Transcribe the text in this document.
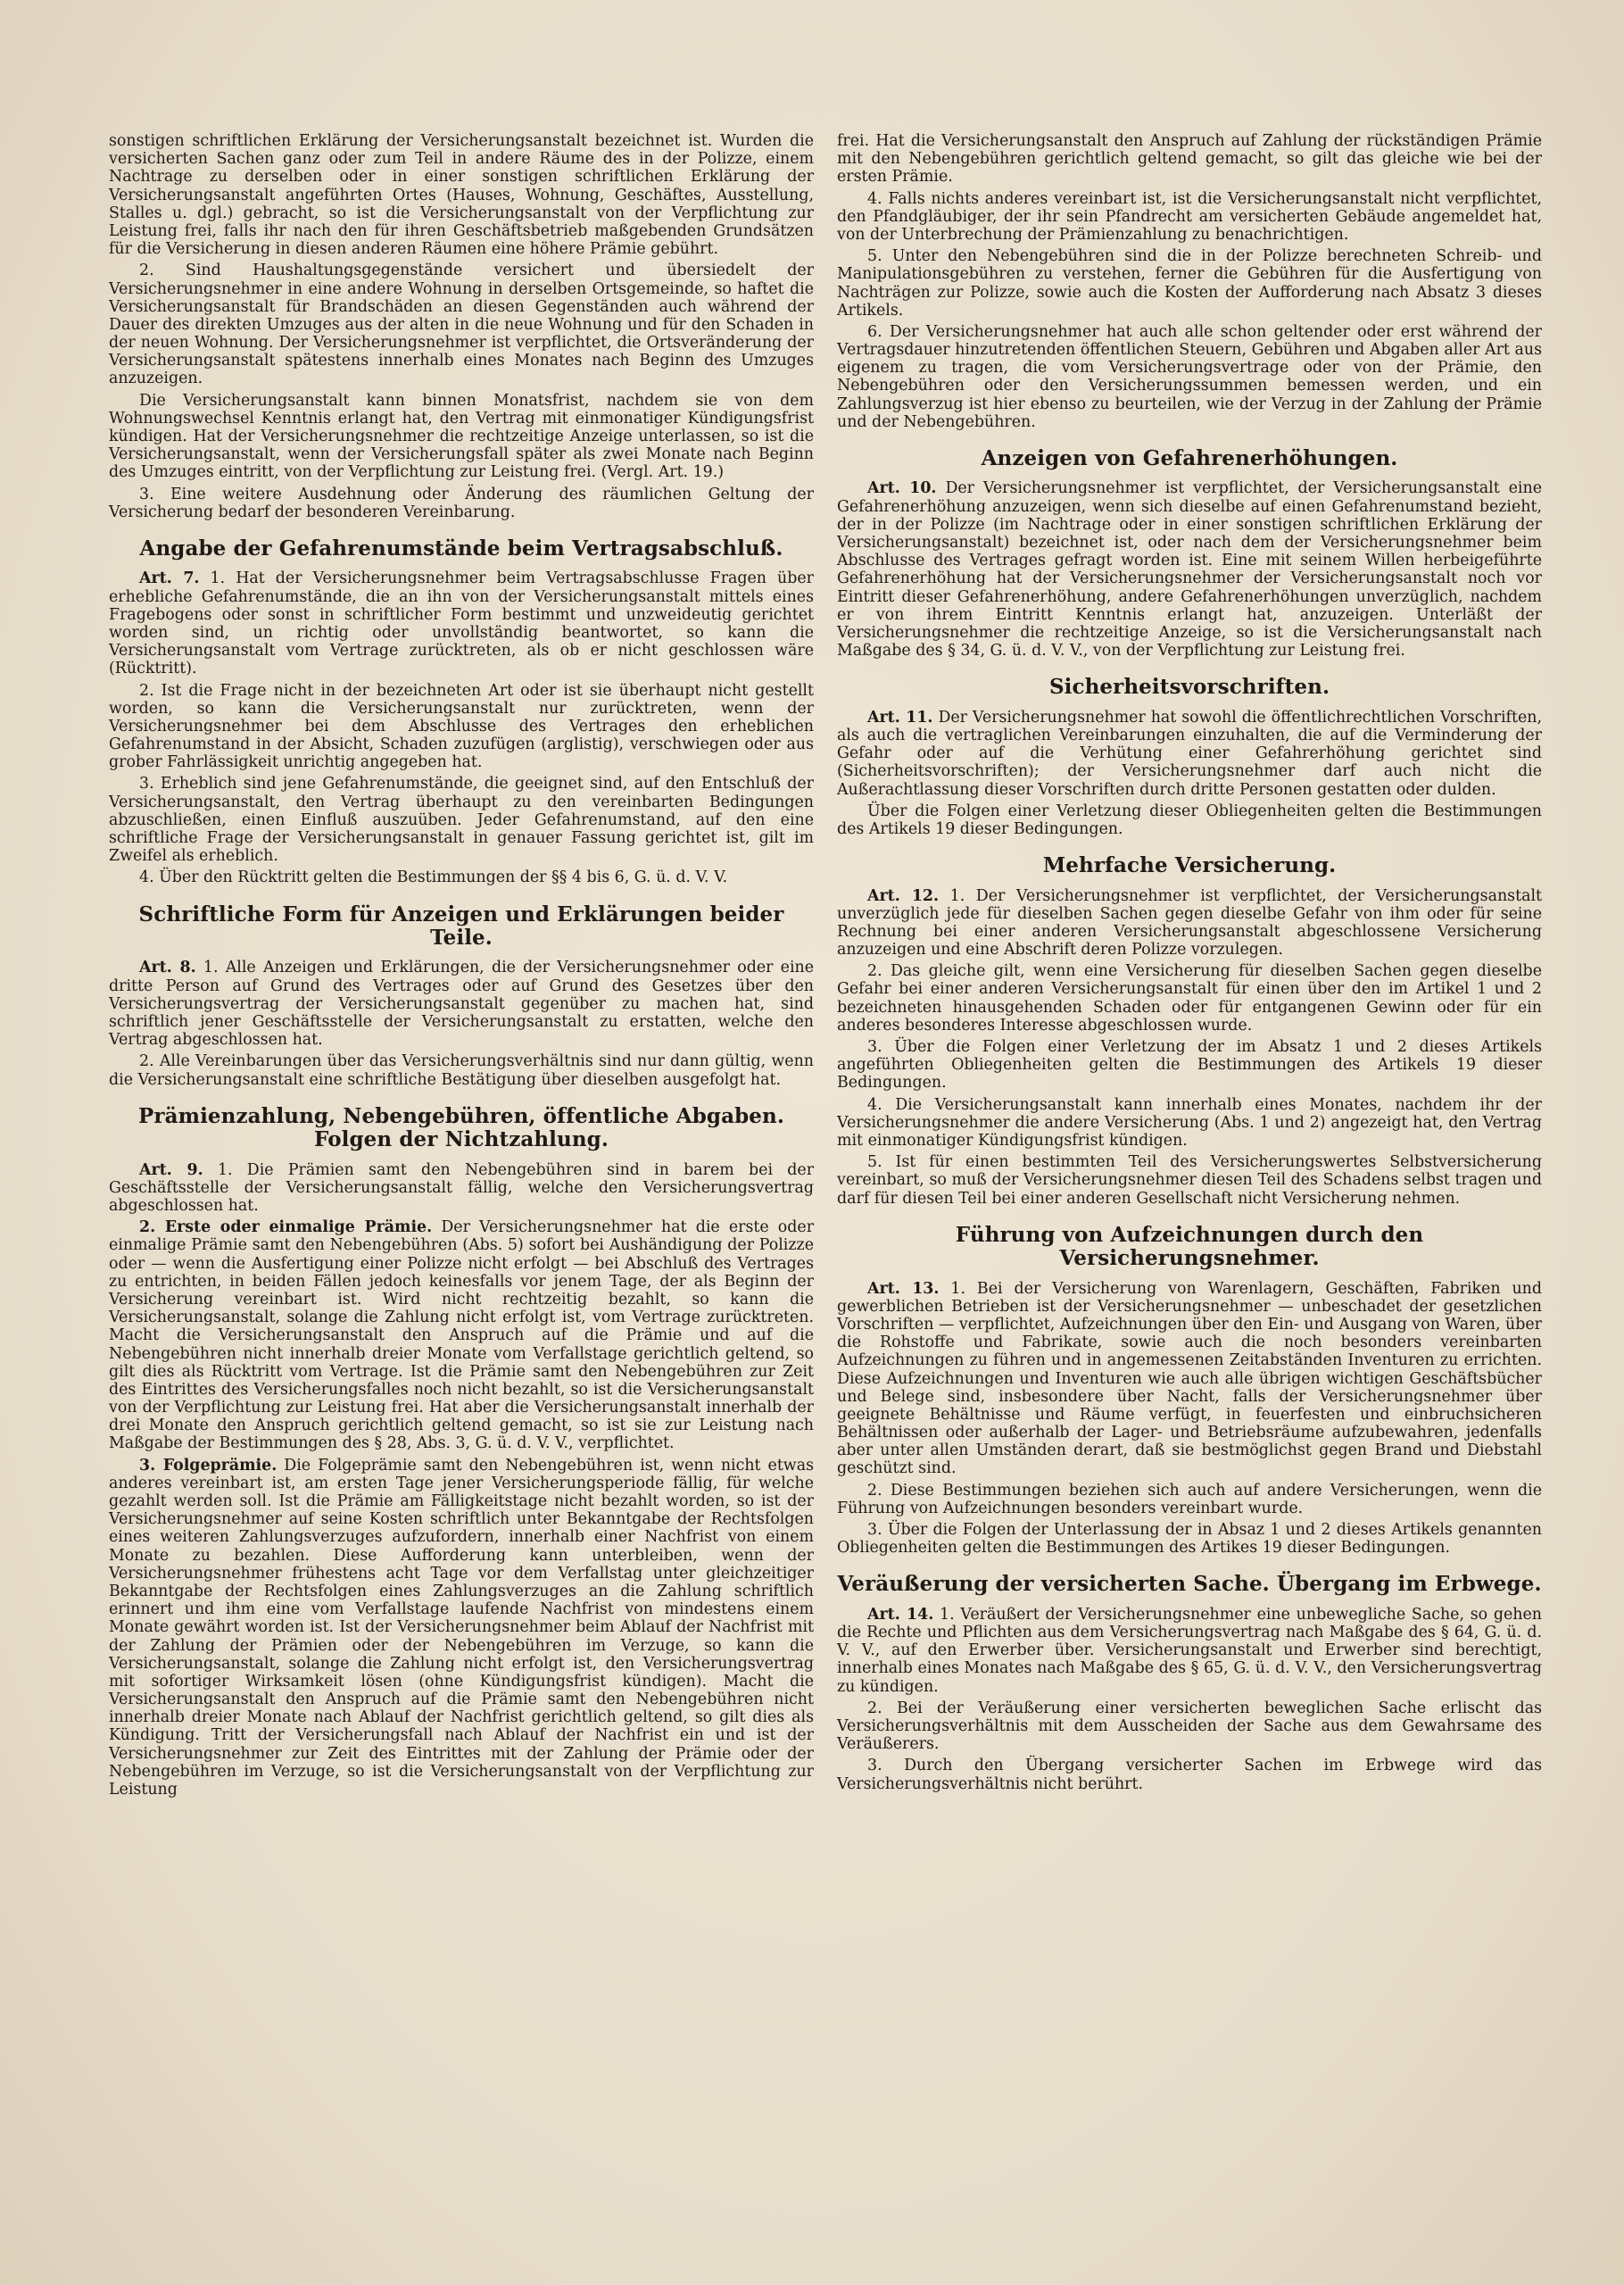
sonstigen schriftlichen Erklärung der Versicherungsanstalt bezeichnet ist. Wurden die versicherten Sachen ganz oder zum Teil in andere Räume des in der Polizze, einem Nachtrage zu derselben oder in einer sonstigen schriftlichen Erklärung der Versicherungsanstalt angeführten Ortes (Hauses, Wohnung, Geschäftes, Ausstellung, Stalles u. dgl.) gebracht, so ist die Versicherungsanstalt von der Verpflichtung zur Leistung frei, falls ihr nach den für ihren Geschäftsbetrieb maßgebenden Grundsätzen für die Versicherung in diesen anderen Räumen eine höhere Prämie gebührt.

2. Sind Haushaltungsgegenstände versichert und übersiedelt der Versicherungsnehmer in eine andere Wohnung in derselben Ortsgemeinde, so haftet die Versicherungsanstalt für Brandschäden an diesen Gegenständen auch während der Dauer des direkten Umzuges aus der alten in die neue Wohnung und für den Schaden in der neuen Wohnung. Der Versicherungsnehmer ist verpflichtet, die Ortsveränderung der Versicherungsanstalt spätestens innerhalb eines Monates nach Beginn des Umzuges anzuzeigen.

Die Versicherungsanstalt kann binnen Monatsfrist, nachdem sie von dem Wohnungswechsel Kenntnis erlangt hat, den Vertrag mit einmonatiger Kündigungsfrist kündigen. Hat der Versicherungsnehmer die rechtzeitige Anzeige unterlassen, so ist die Versicherungsanstalt, wenn der Versicherungsfall später als zwei Monate nach Beginn des Umzuges eintritt, von der Verpflichtung zur Leistung frei. (Vergl. Art. 19.)

3. Eine weitere Ausdehnung oder Änderung des räumlichen Geltung der Versicherung bedarf der besonderen Vereinbarung.

Angabe der Gefahrenumstände beim Vertragsabschluß.

Art. 7. 1. Hat der Versicherungsnehmer beim Vertragsabschlusse Fragen über erhebliche Gefahrenumstände, die an ihn von der Versicherungsanstalt mittels eines Fragebogens oder sonst in schriftlicher Form bestimmt und unzweideutig gerichtet worden sind, un richtig oder unvollständig beantwortet, so kann die Versicherungsanstalt vom Vertrage zurücktreten, als ob er nicht geschlossen wäre (Rücktritt).

2. Ist die Frage nicht in der bezeichneten Art oder ist sie überhaupt nicht gestellt worden, so kann die Versicherungsanstalt nur zurücktreten, wenn der Versicherungsnehmer bei dem Abschlusse des Vertrages den erheblichen Gefahrenumstand in der Absicht, Schaden zuzufügen (arglistig), verschwiegen oder aus grober Fahrlässigkeit unrichtig angegeben hat.

3. Erheblich sind jene Gefahrenumstände, die geeignet sind, auf den Entschluß der Versicherungsanstalt, den Vertrag überhaupt zu den vereinbarten Bedingungen abzuschließen, einen Einfluß auszuüben. Jeder Gefahrenumstand, auf den eine schriftliche Frage der Versicherungsanstalt in genauer Fassung gerichtet ist, gilt im Zweifel als erheblich.

4. Über den Rücktritt gelten die Bestimmungen der §§ 4 bis 6, G. ü. d. V. V.

Schriftliche Form für Anzeigen und Erklärungen beider Teile.

Art. 8. 1. Alle Anzeigen und Erklärungen, die der Versicherungsnehmer oder eine dritte Person auf Grund des Vertrages oder auf Grund des Gesetzes über den Versicherungsvertrag der Versicherungsanstalt gegenüber zu machen hat, sind schriftlich jener Geschäftsstelle der Versicherungsanstalt zu erstatten, welche den Vertrag abgeschlossen hat.

2. Alle Vereinbarungen über das Versicherungsverhältnis sind nur dann gültig, wenn die Versicherungsanstalt eine schriftliche Bestätigung über dieselben ausgefolgt hat.

Prämienzahlung, Nebengebühren, öffentliche Abgaben. Folgen der Nichtzahlung.

Art. 9. 1. Die Prämien samt den Nebengebühren sind in barem bei der Geschäftsstelle der Versicherungsanstalt fällig, welche den Versicherungsvertrag abgeschlossen hat.

2. Erste oder einmalige Prämie. Der Versicherungsnehmer hat die erste oder einmalige Prämie samt den Nebengebühren (Abs. 5) sofort bei Aushändigung der Polizze oder — wenn die Ausfertigung einer Polizze nicht erfolgt — bei Abschluß des Vertrages zu entrichten, in beiden Fällen jedoch keinesfalls vor jenem Tage, der als Beginn der Versicherung vereinbart ist. Wird nicht rechtzeitig bezahlt, so kann die Versicherungsanstalt, solange die Zahlung nicht erfolgt ist, vom Vertrage zurücktreten. Macht die Versicherungsanstalt den Anspruch auf die Prämie und auf die Nebengebühren nicht innerhalb dreier Monate vom Verfallstage gerichtlich geltend, so gilt dies als Rücktritt vom Vertrage. Ist die Prämie samt den Nebengebühren zur Zeit des Eintrittes des Versicherungsfalles noch nicht bezahlt, so ist die Versicherungsanstalt von der Verpflichtung zur Leistung frei. Hat aber die Versicherungsanstalt innerhalb der drei Monate den Anspruch gerichtlich geltend gemacht, so ist sie zur Leistung nach Maßgabe der Bestimmungen des § 28, Abs. 3, G. ü. d. V. V., verpflichtet.

3. Folgeprämie. Die Folgeprämie samt den Nebengebühren ist, wenn nicht etwas anderes vereinbart ist, am ersten Tage jener Versicherungsperiode fällig, für welche gezahlt werden soll. Ist die Prämie am Fälligkeitstage nicht bezahlt worden, so ist der Versicherungsnehmer auf seine Kosten schriftlich unter Bekanntgabe der Rechtsfolgen eines weiteren Zahlungsverzuges aufzufordern, innerhalb einer Nachfrist von einem Monate zu bezahlen. Diese Aufforderung kann unterbleiben, wenn der Versicherungsnehmer frühestens acht Tage vor dem Verfallstag unter gleichzeitiger Bekanntgabe der Rechtsfolgen eines Zahlungsverzuges an die Zahlung schriftlich erinnert und ihm eine vom Verfallstage laufende Nachfrist von mindestens einem Monate gewährt worden ist. Ist der Versicherungsnehmer beim Ablauf der Nachfrist mit der Zahlung der Prämien oder der Nebengebühren im Verzuge, so kann die Versicherungsanstalt, solange die Zahlung nicht erfolgt ist, den Versicherungsvertrag mit sofortiger Wirksamkeit lösen (ohne Kündigungsfrist kündigen). Macht die Versicherungsanstalt den Anspruch auf die Prämie samt den Nebengebühren nicht innerhalb dreier Monate nach Ablauf der Nachfrist gerichtlich geltend, so gilt dies als Kündigung. Tritt der Versicherungsfall nach Ablauf der Nachfrist ein und ist der Versicherungsnehmer zur Zeit des Eintrittes mit der Zahlung der Prämie oder der Nebengebühren im Verzuge, so ist die Versicherungsanstalt von der Verpflichtung zur Leistung

frei. Hat die Versicherungsanstalt den Anspruch auf Zahlung der rückständigen Prämie mit den Nebengebühren gerichtlich geltend gemacht, so gilt das gleiche wie bei der ersten Prämie.

4. Falls nichts anderes vereinbart ist, ist die Versicherungsanstalt nicht verpflichtet, den Pfandgläubiger, der ihr sein Pfandrecht am versicherten Gebäude angemeldet hat, von der Unterbrechung der Prämienzahlung zu benachrichtigen.

5. Unter den Nebengebühren sind die in der Polizze berechneten Schreib- und Manipulationsgebühren zu verstehen, ferner die Gebühren für die Ausfertigung von Nachträgen zur Polizze, sowie auch die Kosten der Aufforderung nach Absatz 3 dieses Artikels.

6. Der Versicherungsnehmer hat auch alle schon geltender oder erst während der Vertragsdauer hinzutretenden öffentlichen Steuern, Gebühren und Abgaben aller Art aus eigenem zu tragen, die vom Versicherungsvertrage oder von der Prämie, den Nebengebühren oder den Versicherungssummen bemessen werden, und ein Zahlungsverzug ist hier ebenso zu beurteilen, wie der Verzug in der Zahlung der Prämie und der Nebengebühren.

Anzeigen von Gefahrenerhöhungen.

Art. 10. Der Versicherungsnehmer ist verpflichtet, der Versicherungsanstalt eine Gefahrenerhöhung anzuzeigen, wenn sich dieselbe auf einen Gefahrenumstand bezieht, der in der Polizze (im Nachtrage oder in einer sonstigen schriftlichen Erklärung der Versicherungsanstalt) bezeichnet ist, oder nach dem der Versicherungsnehmer beim Abschlusse des Vertrages gefragt worden ist. Eine mit seinem Willen herbeigeführte Gefahrenerhöhung hat der Versicherungsnehmer der Versicherungsanstalt noch vor Eintritt dieser Gefahrenerhöhung, andere Gefahrenerhöhungen unverzüglich, nachdem er von ihrem Eintritt Kenntnis erlangt hat, anzuzeigen. Unterläßt der Versicherungsnehmer die rechtzeitige Anzeige, so ist die Versicherungsanstalt nach Maßgabe des § 34, G. ü. d. V. V., von der Verpflichtung zur Leistung frei.

Sicherheitsvorschriften.

Art. 11. Der Versicherungsnehmer hat sowohl die öffentlichrechtlichen Vorschriften, als auch die vertraglichen Vereinbarungen einzuhalten, die auf die Verminderung der Gefahr oder auf die Verhütung einer Gefahrerhöhung gerichtet sind (Sicherheitsvorschriften); der Versicherungsnehmer darf auch nicht die Außerachtlassung dieser Vorschriften durch dritte Personen gestatten oder dulden.

Über die Folgen einer Verletzung dieser Obliegenheiten gelten die Bestimmungen des Artikels 19 dieser Bedingungen.

Mehrfache Versicherung.

Art. 12. 1. Der Versicherungsnehmer ist verpflichtet, der Versicherungsanstalt unverzüglich jede für dieselben Sachen gegen dieselbe Gefahr von ihm oder für seine Rechnung bei einer anderen Versicherungsanstalt abgeschlossene Versicherung anzuzeigen und eine Abschrift deren Polizze vorzulegen.

2. Das gleiche gilt, wenn eine Versicherung für dieselben Sachen gegen dieselbe Gefahr bei einer anderen Versicherungsanstalt für einen über den im Artikel 1 und 2 bezeichneten hinausgehenden Schaden oder für entgangenen Gewinn oder für ein anderes besonderes Interesse abgeschlossen wurde.

3. Über die Folgen einer Verletzung der im Absatz 1 und 2 dieses Artikels angeführten Obliegenheiten gelten die Bestimmungen des Artikels 19 dieser Bedingungen.

4. Die Versicherungsanstalt kann innerhalb eines Monates, nachdem ihr der Versicherungsnehmer die andere Versicherung (Abs. 1 und 2) angezeigt hat, den Vertrag mit einmonatiger Kündigungsfrist kündigen.

5. Ist für einen bestimmten Teil des Versicherungswertes Selbstversicherung vereinbart, so muß der Versicherungsnehmer diesen Teil des Schadens selbst tragen und darf für diesen Teil bei einer anderen Gesellschaft nicht Versicherung nehmen.

Führung von Aufzeichnungen durch den Versicherungsnehmer.

Art. 13. 1. Bei der Versicherung von Warenlagern, Geschäften, Fabriken und gewerblichen Betrieben ist der Versicherungsnehmer — unbeschadet der gesetzlichen Vorschriften — verpflichtet, Aufzeichnungen über den Ein- und Ausgang von Waren, über die Rohstoffe und Fabrikate, sowie auch die noch besonders vereinbarten Aufzeichnungen zu führen und in angemessenen Zeitabständen Inventuren zu errichten. Diese Aufzeichnungen und Inventuren wie auch alle übrigen wichtigen Geschäftsbücher und Belege sind, insbesondere über Nacht, falls der Versicherungsnehmer über geeignete Behältnisse und Räume verfügt, in feuerfesten und einbruchsicheren Behältnissen oder außerhalb der Lager- und Betriebsräume aufzubewahren, jedenfalls aber unter allen Umständen derart, daß sie bestmöglichst gegen Brand und Diebstahl geschützt sind.

2. Diese Bestimmungen beziehen sich auch auf andere Versicherungen, wenn die Führung von Aufzeichnungen besonders vereinbart wurde.

3. Über die Folgen der Unterlassung der in Absaz 1 und 2 dieses Artikels genannten Obliegenheiten gelten die Bestimmungen des Artikes 19 dieser Bedingungen.

Veräußerung der versicherten Sache. Übergang im Erbwege.

Art. 14. 1. Veräußert der Versicherungsnehmer eine unbewegliche Sache, so gehen die Rechte und Pflichten aus dem Versicherungsvertrag nach Maßgabe des § 64, G. ü. d. V. V., auf den Erwerber über. Versicherungsanstalt und Erwerber sind berechtigt, innerhalb eines Monates nach Maßgabe des § 65, G. ü. d. V. V., den Versicherungsvertrag zu kündigen.

2. Bei der Veräußerung einer versicherten beweglichen Sache erlischt das Versicherungsverhältnis mit dem Ausscheiden der Sache aus dem Gewahrsame des Veräußerers.

3. Durch den Übergang versicherter Sachen im Erbwege wird das Versicherungsverhältnis nicht berührt.
